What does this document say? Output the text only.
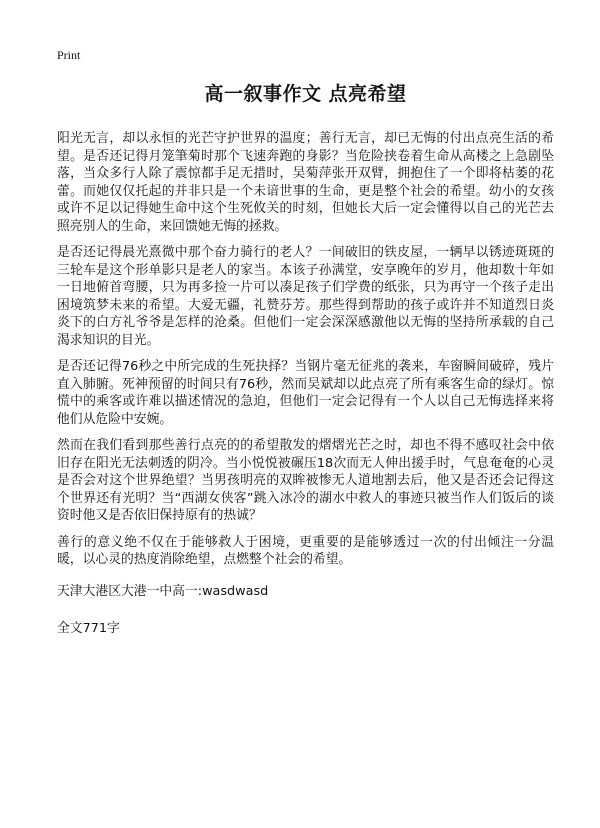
Print
高一叙事作文 点亮希望

阳光无言，却以永恒的光芒守护世界的温度；善行无言，却已无悔的付出点亮生活的希望。是否还记得月笼筆菊时那个飞速奔跑的身影？当危险挟卷着生命从高楼之上急剧坠落，当众多行人除了震惊都手足无措时，吴菊萍张开双臂，拥抱住了一个即将枯萎的花蕾。而她仅仅托起的并非只是一个未谙世事的生命，更是整个社会的希望。幼小的女孩或许不足以记得她生命中这个生死攸关的时刻，但她长大后一定会懂得以自己的光芒去照亮别人的生命，来回馈她无悔的拯救。

是否还记得晨光熹微中那个奋力骑行的老人？一间破旧的铁皮屋，一辆早以锈迹斑斑的三轮车是这个形单影只是老人的家当。本该子孙满堂，安享晚年的岁月，他却数十年如一日地俯首弯腰，只为再多捡一片可以凑足孩子们学费的纸张，只为再守一个孩子走出困境筑梦未来的希望。大爱无疆，礼赞芬芳。那些得到帮助的孩子或许并不知道烈日炎炎下的白方礼爷爷是怎样的沧桑。但他们一定会深深感激他以无悔的坚持所承载的自己渴求知识的目光。

是否还记得76秒之中所完成的生死抉择？当钢片毫无征兆的袭来，车窗瞬间破碎，残片直入肺腑。死神预留的时间只有76秒，然而吴斌却以此点亮了所有乘客生命的绿灯。惊慌中的乘客或许难以描述情况的急迫，但他们一定会记得有一个人以自己无悔选择来将他们从危险中安婉。

然而在我们看到那些善行点亮的的希望散发的熠熠光芒之时，却也不得不感叹社会中依旧存在阳光无法刺透的阴冷。当小悦悦被碾压18次而无人伸出援手时，气息奄奄的心灵是否会对这个世界绝望？当男孩明亮的双眸被惨无人道地割去后，他又是否还会记得这个世界还有光明？当“西湖女侠客”跳入冰冷的湖水中救人的事迹只被当作人们饭后的谈资时他又是否依旧保持原有的热诚？

善行的意义绝不仅在于能够救人于困境，更重要的是能够透过一次的付出倾注一分温暖，以心灵的热度消除绝望，点燃整个社会的希望。

天津大港区大港一中高一:wasdwasd

全文771字
